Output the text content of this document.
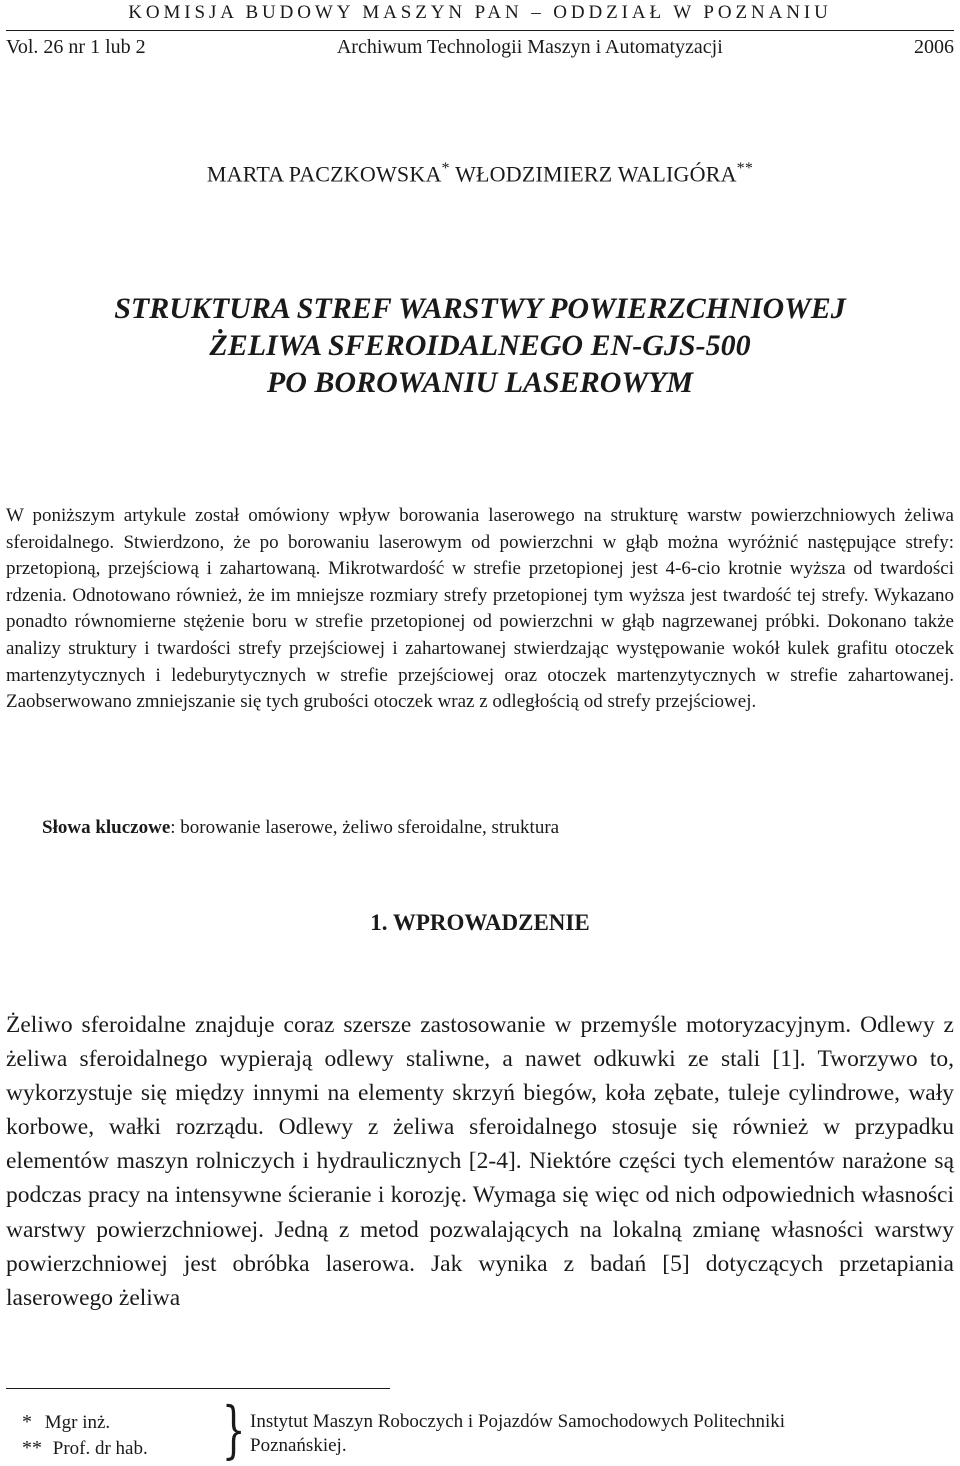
KOMISJA BUDOWY MASZYN PAN – ODDZIAŁ W POZNANIU
Vol. 26 nr 1 lub 2	Archiwum Technologii Maszyn i Automatyzacji	2006
MARTA PACZKOWSKA* WŁODZIMIERZ WALIGÓRA**
STRUKTURA STREF WARSTWY POWIERZCHNIOWEJ
ŻELIWA SFEROIDALNEGO EN-GJS-500
PO BOROWANIU LASEROWYM

W poniższym artykule został omówiony wpływ borowania laserowego na strukturę warstw powierzchniowych żeliwa sferoidalnego. Stwierdzono, że po borowaniu laserowym od powierzchni w głąb można wyróżnić następujące strefy: przetopioną, przejściową i zahartowaną. Mikrotwardość w strefie przetopionej jest 4-6-cio krotnie wyższa od twardości rdzenia. Odnotowano również, że im mniejsze rozmiary strefy przetopionej tym wyższa jest twardość tej strefy. Wykazano ponadto równomierne stężenie boru w strefie przetopionej od powierzchni w głąb nagrzewanej próbki. Dokonano także analizy struktury i twardości strefy przejściowej i zahartowanej stwierdzając występowanie wokół kulek grafitu otoczek martenzytycznych i ledeburytycznych w strefie przejściowej oraz otoczek martenzytycznych w strefie zahartowanej. Zaobserwowano zmniejszanie się tych grubości otoczek wraz z odległością od strefy przejściowej.

Słowa kluczowe: borowanie laserowe, żeliwo sferoidalne, struktura
1. WPROWADZENIE

Żeliwo sferoidalne znajduje coraz szersze zastosowanie w przemyśle motoryzacyjnym. Odlewy z żeliwa sferoidalnego wypierają odlewy staliwne, a nawet odkuwki ze stali [1]. Tworzywo to, wykorzystuje się między innymi na elementy skrzyń biegów, koła zębate, tuleje cylindrowe, wały korbowe, wałki rozrządu. Odlewy z żeliwa sferoidalnego stosuje się również w przypadku elementów maszyn rolniczych i hydraulicznych [2-4]. Niektóre części tych elementów narażone są podczas pracy na intensywne ścieranie i korozję. Wymaga się więc od nich odpowiednich własności warstwy powierzchniowej. Jedną z metod pozwalających na lokalną zmianę własności warstwy powierzchniowej jest obróbka laserowa. Jak wynika z badań [5] dotyczących przetapiania laserowego żeliwa

* Mgr inż.
** Prof. dr hab. } Instytut Maszyn Roboczych i Pojazdów Samochodowych Politechniki
Poznańskiej.
